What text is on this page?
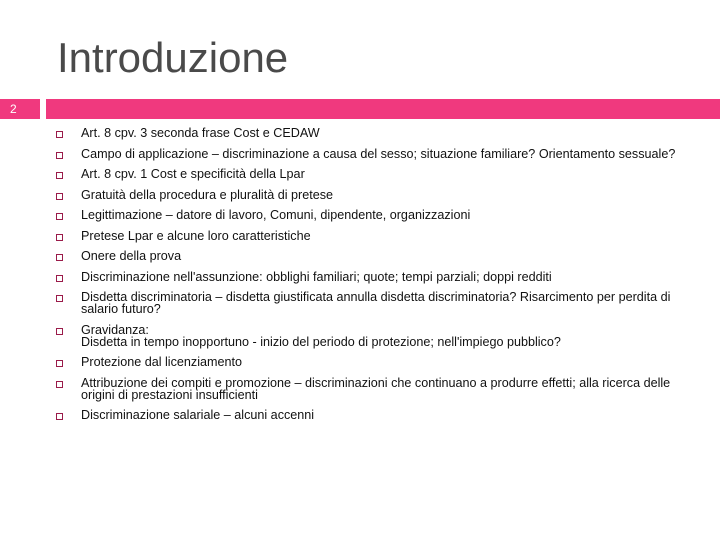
Introduzione
2
Art. 8 cpv. 3 seconda frase Cost e CEDAW
Campo di applicazione – discriminazione a causa del sesso; situazione familiare? Orientamento sessuale?
Art. 8 cpv. 1 Cost e specificità della Lpar
Gratuità della procedura e pluralità di pretese
Legittimazione – datore di lavoro, Comuni, dipendente, organizzazioni
Pretese Lpar e alcune loro caratteristiche
Onere della prova
Discriminazione nell'assunzione: obblighi familiari; quote; tempi parziali; doppi redditi
Disdetta discriminatoria – disdetta giustificata annulla disdetta discriminatoria? Risarcimento per perdita di salario futuro?
Gravidanza:
Disdetta in tempo inopportuno - inizio del periodo di protezione; nell'impiego pubblico?
Protezione dal licenziamento
Attribuzione dei compiti e promozione – discriminazioni che continuano a produrre effetti; alla ricerca delle origini di prestazioni insufficienti
Discriminazione salariale – alcuni accenni
